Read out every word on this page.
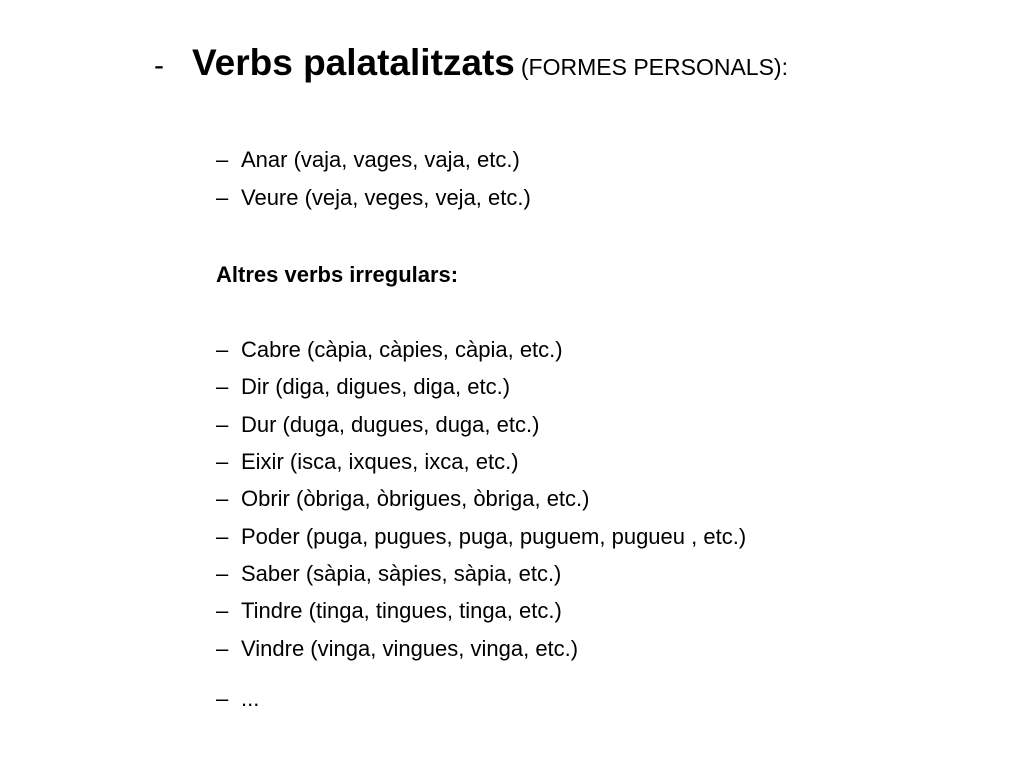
- Verbs palatalitzats (FORMES PERSONALS):
– Anar (vaja, vages, vaja, etc.)
– Veure (veja, veges, veja, etc.)
Altres verbs irregulars:
– Cabre (càpia, càpies, càpia, etc.)
– Dir (diga, digues, diga, etc.)
– Dur (duga, dugues, duga, etc.)
– Eixir (isca, ixques, ixca, etc.)
– Obrir (òbriga, òbrigues, òbriga, etc.)
– Poder (puga, pugues, puga, puguem, pugueu , etc.)
– Saber (sàpia, sàpies, sàpia, etc.)
– Tindre (tinga, tingues, tinga, etc.)
– Vindre (vinga, vingues, vinga, etc.)
– ...
